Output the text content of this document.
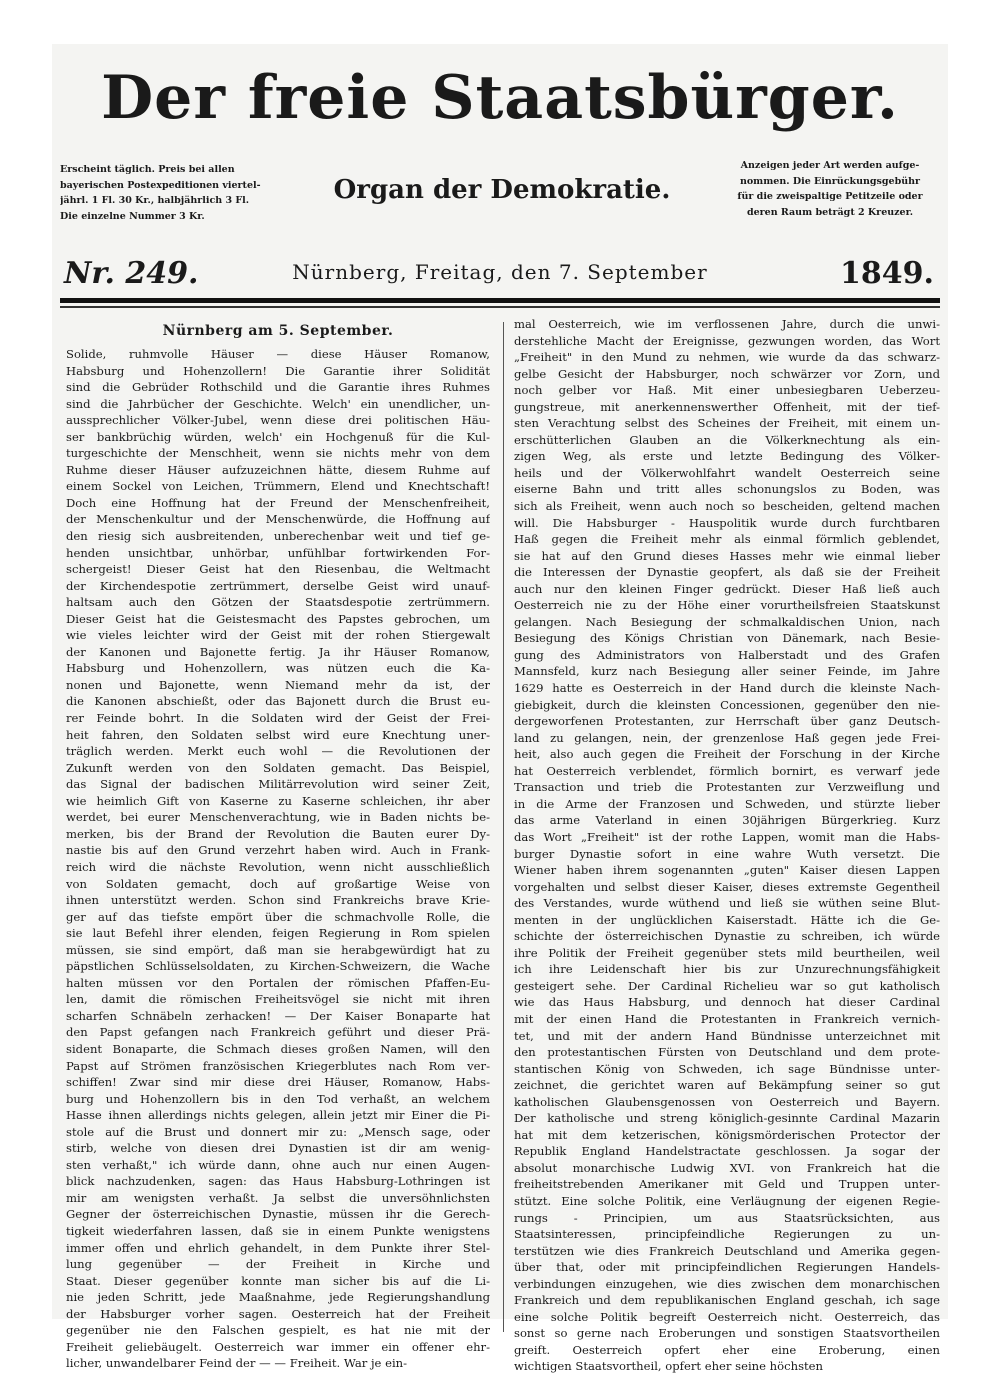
Der freie Staatsbürger.
Erscheint täglich. Preis bei allen
bayerischen Postexpeditionen viertel-
jährl. 1 Fl. 30 Kr., halbjährlich 3 Fl.
Die einzelne Nummer 3 Kr.
Organ der Demokratie.
Anzeigen jeder Art werden aufge-
nommen. Die Einrückungsgebühr
für die zweispaltige Petitzeile oder
deren Raum beträgt 2 Kreuzer.
Nr. 249.	Nürnberg, Freitag, den 7. September	1849.
Nürnberg am 5. September.
Solide, ruhmvolle Häuser — diese Häuser Romanow,
Habsburg und Hohenzollern! Die Garantie ihrer Solidität
sind die Gebrüder Rothschild und die Garantie ihres Ruhmes
sind die Jahrbücher der Geschichte. Welch' ein unendlicher, un-
aussprechlicher Völker-Jubel, wenn diese drei politischen Häu-
ser bankbrüchig würden, welch' ein Hochgenuß für die Kul-
turgeschichte der Menschheit, wenn sie nichts mehr von dem
Ruhme dieser Häuser aufzuzeichnen hätte, diesem Ruhme auf
einem Sockel von Leichen, Trümmern, Elend und Knechtschaft!
Doch eine Hoffnung hat der Freund der Menschenfreiheit,
der Menschenkultur und der Menschenwürde, die Hoffnung auf
den riesig sich ausbreitenden, unberechenbar weit und tief ge-
henden unsichtbar, unhörbar, unfühlbar fortwirkenden For-
schergeist! Dieser Geist hat den Riesenbau, die Weltmacht
der Kirchendespotie zertrümmert, derselbe Geist wird unauf-
haltsam auch den Götzen der Staatsdespotie zertrümmern.
Dieser Geist hat die Geistesmacht des Papstes gebrochen, um
wie vieles leichter wird der Geist mit der rohen Stiergewalt
der Kanonen und Bajonette fertig. Ja ihr Häuser Romanow,
Habsburg und Hohenzollern, was nützen euch die Ka-
nonen und Bajonette, wenn Niemand mehr da ist, der
die Kanonen abschießt, oder das Bajonett durch die Brust eu-
rer Feinde bohrt. In die Soldaten wird der Geist der Frei-
heit fahren, den Soldaten selbst wird eure Knechtung uner-
träglich werden. Merkt euch wohl — die Revolutionen der
Zukunft werden von den Soldaten gemacht. Das Beispiel,
das Signal der badischen Militärrevolution wird seiner Zeit,
wie heimlich Gift von Kaserne zu Kaserne schleichen, ihr aber
werdet, bei eurer Menschenverachtung, wie in Baden nichts be-
merken, bis der Brand der Revolution die Bauten eurer Dy-
nastie bis auf den Grund verzehrt haben wird. Auch in Frank-
reich wird die nächste Revolution, wenn nicht ausschließlich
von Soldaten gemacht, doch auf großartige Weise von
ihnen unterstützt werden. Schon sind Frankreichs brave Krie-
ger auf das tiefste empört über die schmachvolle Rolle, die
sie laut Befehl ihrer elenden, feigen Regierung in Rom spielen
müssen, sie sind empört, daß man sie herabgewürdigt hat zu
päpstlichen Schlüsselsoldaten, zu Kirchen-Schweizern, die Wache
halten müssen vor den Portalen der römischen Pfaffen-Eu-
len, damit die römischen Freiheitsvögel sie nicht mit ihren
scharfen Schnäbeln zerhacken! — Der Kaiser Bonaparte hat
den Papst gefangen nach Frankreich geführt und dieser Prä-
sident Bonaparte, die Schmach dieses großen Namen, will den
Papst auf Strömen französischen Kriegerblutes nach Rom ver-
schiffen! Zwar sind mir diese drei Häuser, Romanow, Habs-
burg und Hohenzollern bis in den Tod verhaßt, an welchem
Hasse ihnen allerdings nichts gelegen, allein jetzt mir Einer die Pi-
stole auf die Brust und donnert mir zu: „Mensch sage, oder
stirb, welche von diesen drei Dynastien ist dir am wenig-
sten verhaßt," ich würde dann, ohne auch nur einen Augen-
blick nachzudenken, sagen: das Haus Habsburg-Lothringen ist
mir am wenigsten verhaßt. Ja selbst die unversöhnlichsten
Gegner der österreichischen Dynastie, müssen ihr die Gerech-
tigkeit wiederfahren lassen, daß sie in einem Punkte wenigstens
immer offen und ehrlich gehandelt, in dem Punkte ihrer Stel-
lung gegenüber — der Freiheit in Kirche und
Staat. Dieser gegenüber konnte man sicher bis auf die Li-
nie jeden Schritt, jede Maaßnahme, jede Regierungshandlung
der Habsburger vorher sagen. Oesterreich hat der Freiheit
gegenüber nie den Falschen gespielt, es hat nie mit der
Freiheit geliebäugelt. Oesterreich war immer ein offener ehr-
licher, unwandelbarer Feind der — — Freiheit. War je ein-
mal Oesterreich, wie im verflossenen Jahre, durch die unwi-
derstehliche Macht der Ereignisse, gezwungen worden, das Wort
„Freiheit" in den Mund zu nehmen, wie wurde da das schwarz-
gelbe Gesicht der Habsburger, noch schwärzer vor Zorn, und
noch gelber vor Haß. Mit einer unbesiegbaren Ueberzeu-
gungstreue, mit anerkennenswerther Offenheit, mit der tief-
sten Verachtung selbst des Scheines der Freiheit, mit einem un-
erschütterlichen Glauben an die Völkerknechtung als ein-
zigen Weg, als erste und letzte Bedingung des Völker-
heils und der Völkerwohlfahrt wandelt Oesterreich seine
eiserne Bahn und tritt alles schonungslos zu Boden, was
sich als Freiheit, wenn auch noch so bescheiden, geltend machen
will. Die Habsburger - Hauspolitik wurde durch furchtbaren
Haß gegen die Freiheit mehr als einmal förmlich geblendet,
sie hat auf den Grund dieses Hasses mehr wie einmal lieber
die Interessen der Dynastie geopfert, als daß sie der Freiheit
auch nur den kleinen Finger gedrückt. Dieser Haß ließ auch
Oesterreich nie zu der Höhe einer vorurtheilsfreien Staatskunst
gelangen. Nach Besiegung der schmalkaldischen Union, nach
Besiegung des Königs Christian von Dänemark, nach Besie-
gung des Administrators von Halberstadt und des Grafen
Mannsfeld, kurz nach Besiegung aller seiner Feinde, im Jahre
1629 hatte es Oesterreich in der Hand durch die kleinste Nach-
giebigkeit, durch die kleinsten Concessionen, gegenüber den nie-
dergeworfenen Protestanten, zur Herrschaft über ganz Deutsch-
land zu gelangen, nein, der grenzenlose Haß gegen jede Frei-
heit, also auch gegen die Freiheit der Forschung in der Kirche
hat Oesterreich verblendet, förmlich bornirt, es verwarf jede
Transaction und trieb die Protestanten zur Verzweiflung und
in die Arme der Franzosen und Schweden, und stürzte lieber
das arme Vaterland in einen 30jährigen Bürgerkrieg. Kurz
das Wort „Freiheit" ist der rothe Lappen, womit man die Habs-
burger Dynastie sofort in eine wahre Wuth versetzt. Die
Wiener haben ihrem sogenannten „guten" Kaiser diesen Lappen
vorgehalten und selbst dieser Kaiser, dieses extremste Gegentheil
des Verstandes, wurde wüthend und ließ sie wüthen seine Blut-
menten in der unglücklichen Kaiserstadt. Hätte ich die Ge-
schichte der österreichischen Dynastie zu schreiben, ich würde
ihre Politik der Freiheit gegenüber stets mild beurtheilen, weil
ich ihre Leidenschaft hier bis zur Unzurechnungsfähigkeit
gesteigert sehe. Der Cardinal Richelieu war so gut katholisch
wie das Haus Habsburg, und dennoch hat dieser Cardinal
mit der einen Hand die Protestanten in Frankreich vernich-
tet, und mit der andern Hand Bündnisse unterzeichnet mit
den protestantischen Fürsten von Deutschland und dem prote-
stantischen König von Schweden, ich sage Bündnisse unter-
zeichnet, die gerichtet waren auf Bekämpfung seiner so gut
katholischen Glaubensgenossen von Oesterreich und Bayern.
Der katholische und streng königlich-gesinnte Cardinal Mazarin
hat mit dem ketzerischen, königsmörderischen Protector der
Republik England Handelstractate geschlossen. Ja sogar der
absolut monarchische Ludwig XVI. von Frankreich hat die
freiheitstrebenden Amerikaner mit Geld und Truppen unter-
stützt. Eine solche Politik, eine Verläugnung der eigenen Regie-
rungs - Principien, um aus Staatsrücksichten, aus
Staatsinteressen, principfeindliche Regierungen zu un-
terstützen wie dies Frankreich Deutschland und Amerika gegen-
über that, oder mit principfeindlichen Regierungen Handels-
verbindungen einzugehen, wie dies zwischen dem monarchischen
Frankreich und dem republikanischen England geschah, ich sage
eine solche Politik begreift Oesterreich nicht. Oesterreich, das
sonst so gerne nach Eroberungen und sonstigen Staatsvortheilen
greift. Oesterreich opfert eher eine Eroberung, einen
wichtigen Staatsvortheil, opfert eher seine höchsten
